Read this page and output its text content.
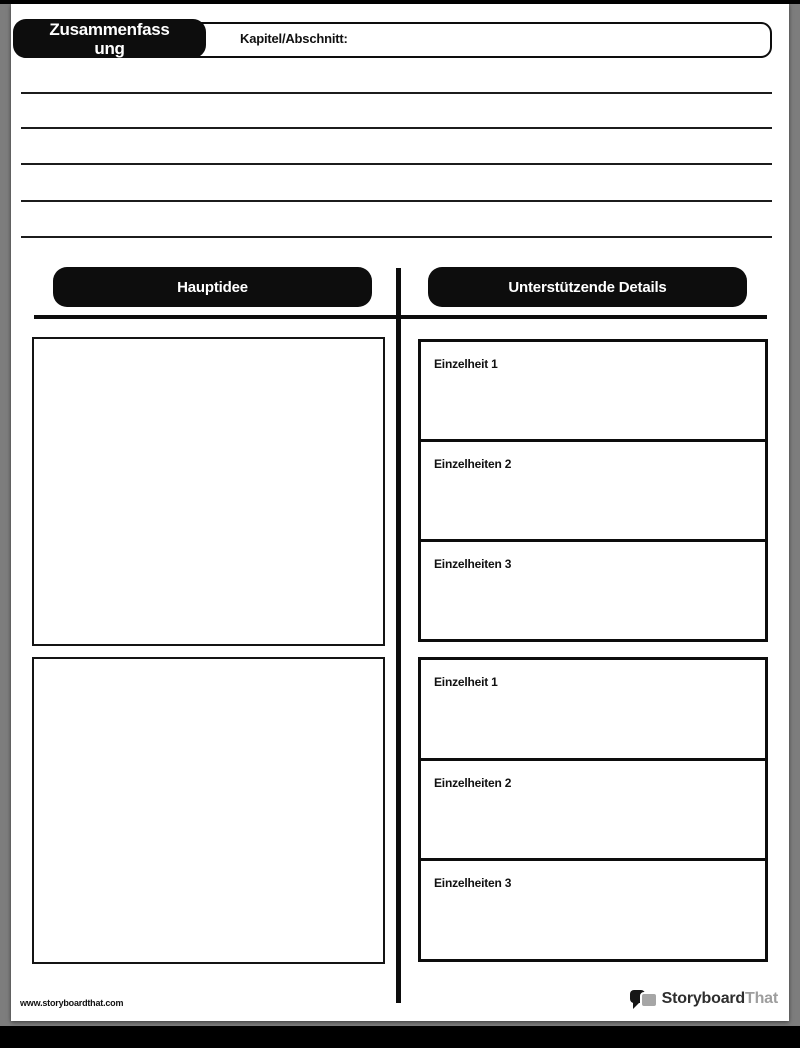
Zusammenfassung	Kapitel/Abschnitt:
Hauptidee	Unterstützende Details
Einzelheit 1
Einzelheiten 2
Einzelheiten 3
Einzelheit 1
Einzelheiten 2
Einzelheiten 3
www.storyboardthat.com	StoryboardThat
